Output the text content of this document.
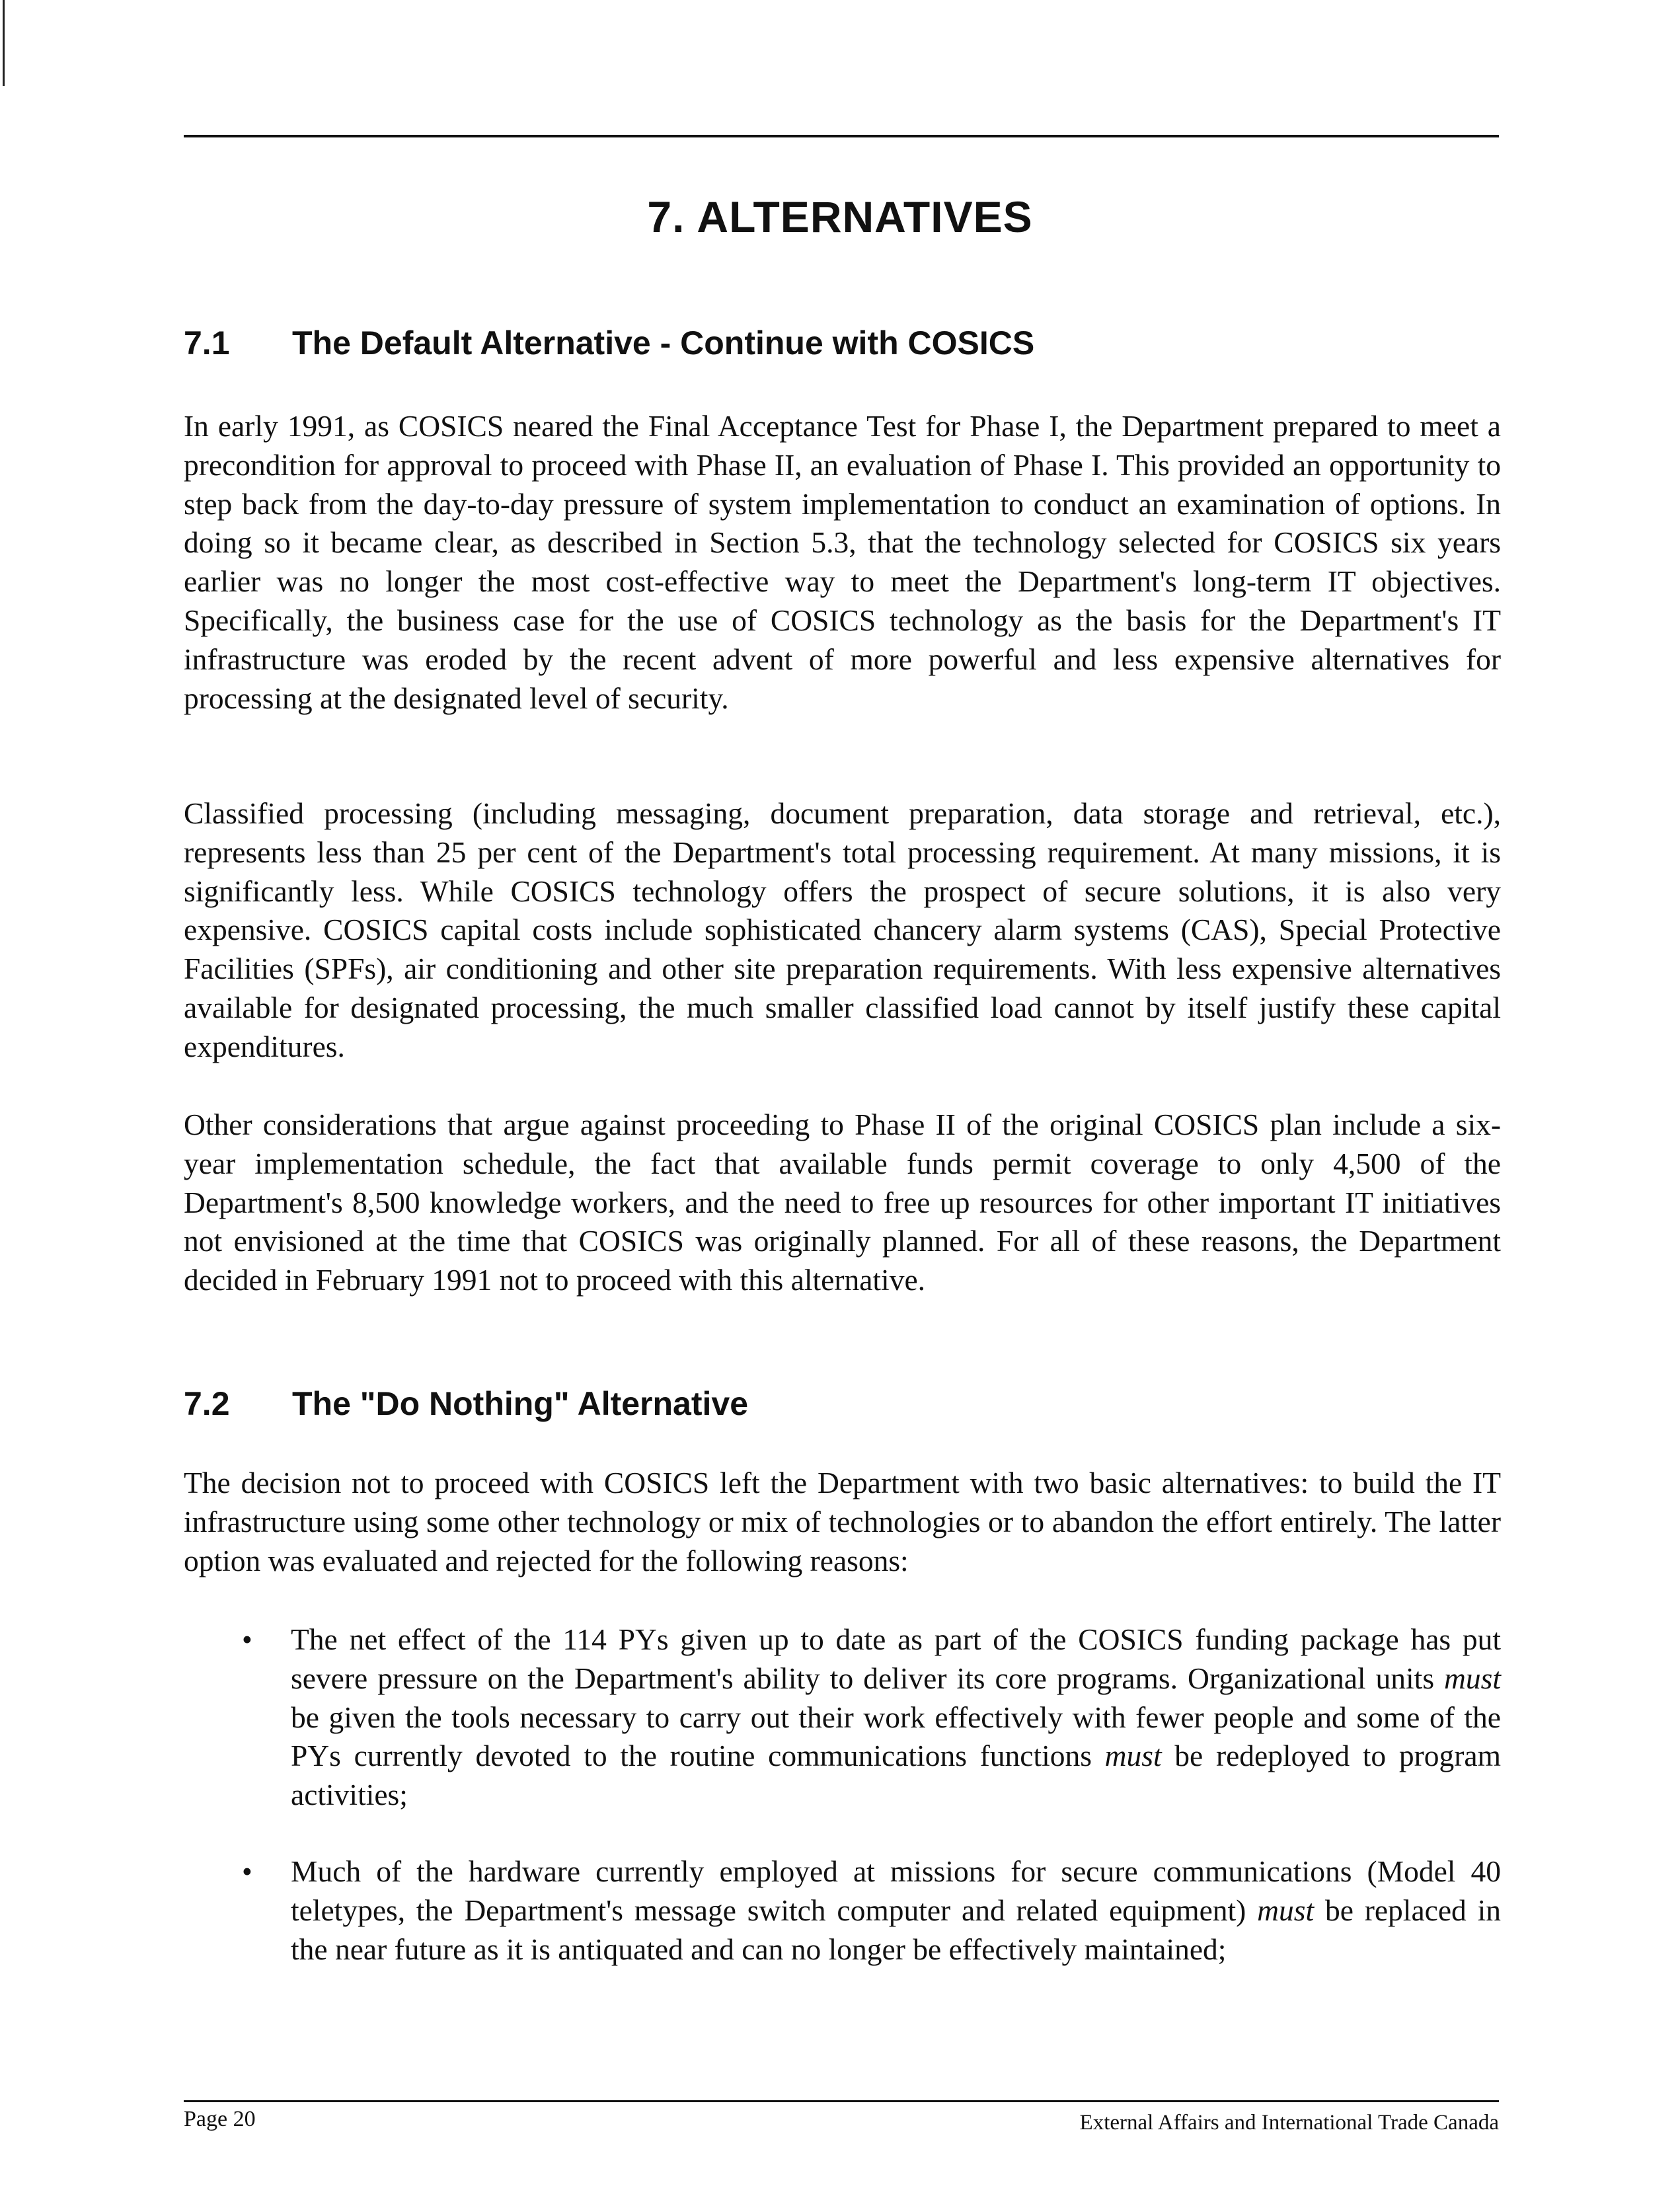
7. ALTERNATIVES
7.1 The Default Alternative - Continue with COSICS

In early 1991, as COSICS neared the Final Acceptance Test for Phase I, the Department prepared to meet a precondition for approval to proceed with Phase II, an evaluation of Phase I. This provided an opportunity to step back from the day-to-day pressure of system implementation to conduct an examination of options. In doing so it became clear, as described in Section 5.3, that the technology selected for COSICS six years earlier was no longer the most cost-effective way to meet the Department's long-term IT objectives. Specifically, the business case for the use of COSICS technology as the basis for the Department's IT infrastructure was eroded by the recent advent of more powerful and less expensive alternatives for processing at the designated level of security.

Classified processing (including messaging, document preparation, data storage and retrieval, etc.), represents less than 25 per cent of the Department's total processing requirement. At many missions, it is significantly less. While COSICS technology offers the prospect of secure solutions, it is also very expensive. COSICS capital costs include sophisticated chancery alarm systems (CAS), Special Protective Facilities (SPFs), air conditioning and other site preparation requirements. With less expensive alternatives available for designated processing, the much smaller classified load cannot by itself justify these capital expenditures.

Other considerations that argue against proceeding to Phase II of the original COSICS plan include a six-year implementation schedule, the fact that available funds permit coverage to only 4,500 of the Department's 8,500 knowledge workers, and the need to free up resources for other important IT initiatives not envisioned at the time that COSICS was originally planned. For all of these reasons, the Department decided in February 1991 not to proceed with this alternative.

7.2 The "Do Nothing" Alternative

The decision not to proceed with COSICS left the Department with two basic alternatives: to build the IT infrastructure using some other technology or mix of technologies or to abandon the effort entirely. The latter option was evaluated and rejected for the following reasons:

• The net effect of the 114 PYs given up to date as part of the COSICS funding package has put severe pressure on the Department's ability to deliver its core programs. Organizational units must be given the tools necessary to carry out their work effectively with fewer people and some of the PYs currently devoted to the routine communications functions must be redeployed to program activities;
• Much of the hardware currently employed at missions for secure communications (Model 40 teletypes, the Department's message switch computer and related equipment) must be replaced in the near future as it is antiquated and can no longer be effectively maintained;

Page 20	External Affairs and International Trade Canada
